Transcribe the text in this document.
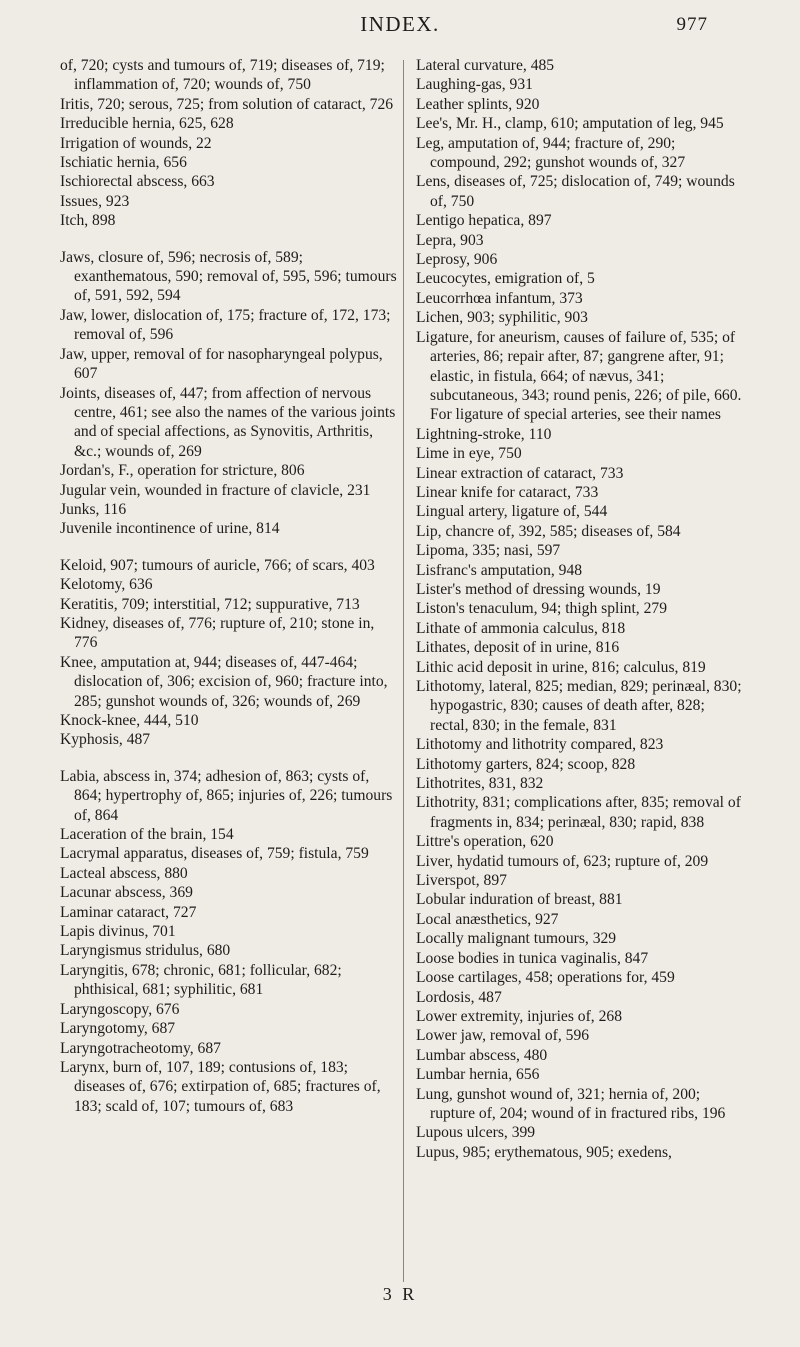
INDEX.	977

of, 720; cysts and tumours of, 719; diseases of, 719; inflammation of, 720; wounds of, 750

Iritis, 720; serous, 725; from solution of cataract, 726

Irreducible hernia, 625, 628

Irrigation of wounds, 22

Ischiatic hernia, 656

Ischiorectal abscess, 663

Issues, 923

Itch, 898

Jaws, closure of, 596; necrosis of, 589; exanthematous, 590; removal of, 595, 596; tumours of, 591, 592, 594

Jaw, lower, dislocation of, 175; fracture of, 172, 173; removal of, 596

Jaw, upper, removal of for nasopharyngeal polypus, 607

Joints, diseases of, 447; from affection of nervous centre, 461; see also the names of the various joints and of special affections, as Synovitis, Arthritis, &c.; wounds of, 269

Jordan's, F., operation for stricture, 806

Jugular vein, wounded in fracture of clavicle, 231

Junks, 116

Juvenile incontinence of urine, 814

Keloid, 907; tumours of auricle, 766; of scars, 403

Kelotomy, 636

Keratitis, 709; interstitial, 712; suppurative, 713

Kidney, diseases of, 776; rupture of, 210; stone in, 776

Knee, amputation at, 944; diseases of, 447-464; dislocation of, 306; excision of, 960; fracture into, 285; gunshot wounds of, 326; wounds of, 269

Knock-knee, 444, 510

Kyphosis, 487

Labia, abscess in, 374; adhesion of, 863; cysts of, 864; hypertrophy of, 865; injuries of, 226; tumours of, 864

Laceration of the brain, 154

Lacrymal apparatus, diseases of, 759; fistula, 759

Lacteal abscess, 880

Lacunar abscess, 369

Laminar cataract, 727

Lapis divinus, 701

Laryngismus stridulus, 680

Laryngitis, 678; chronic, 681; follicular, 682; phthisical, 681; syphilitic, 681

Laryngoscopy, 676

Laryngotomy, 687

Laryngotracheotomy, 687

Larynx, burn of, 107, 189; contusions of, 183; diseases of, 676; extirpation of, 685; fractures of, 183; scald of, 107; tumours of, 683

Lateral curvature, 485

Laughing-gas, 931

Leather splints, 920

Lee's, Mr. H., clamp, 610; amputation of leg, 945

Leg, amputation of, 944; fracture of, 290; compound, 292; gunshot wounds of, 327

Lens, diseases of, 725; dislocation of, 749; wounds of, 750

Lentigo hepatica, 897

Lepra, 903

Leprosy, 906

Leucocytes, emigration of, 5

Leucorrhœa infantum, 373

Lichen, 903; syphilitic, 903

Ligature, for aneurism, causes of failure of, 535; of arteries, 86; repair after, 87; gangrene after, 91; elastic, in fistula, 664; of nævus, 341; subcutaneous, 343; round penis, 226; of pile, 660. For ligature of special arteries, see their names

Lightning-stroke, 110

Lime in eye, 750

Linear extraction of cataract, 733

Linear knife for cataract, 733

Lingual artery, ligature of, 544

Lip, chancre of, 392, 585; diseases of, 584

Lipoma, 335; nasi, 597

Lisfranc's amputation, 948

Lister's method of dressing wounds, 19

Liston's tenaculum, 94; thigh splint, 279

Lithate of ammonia calculus, 818

Lithates, deposit of in urine, 816

Lithic acid deposit in urine, 816; calculus, 819

Lithotomy, lateral, 825; median, 829; perinæal, 830; hypogastric, 830; causes of death after, 828; rectal, 830; in the female, 831

Lithotomy and lithotrity compared, 823

Lithotomy garters, 824; scoop, 828

Lithotrites, 831, 832

Lithotrity, 831; complications after, 835; removal of fragments in, 834; perinæal, 830; rapid, 838

Littre's operation, 620

Liver, hydatid tumours of, 623; rupture of, 209

Liverspot, 897

Lobular induration of breast, 881

Local anæsthetics, 927

Locally malignant tumours, 329

Loose bodies in tunica vaginalis, 847

Loose cartilages, 458; operations for, 459

Lordosis, 487

Lower extremity, injuries of, 268

Lower jaw, removal of, 596

Lumbar abscess, 480

Lumbar hernia, 656

Lung, gunshot wound of, 321; hernia of, 200; rupture of, 204; wound of in fractured ribs, 196

Lupous ulcers, 399

Lupus, 985; erythematous, 905; exedens,

3 R
